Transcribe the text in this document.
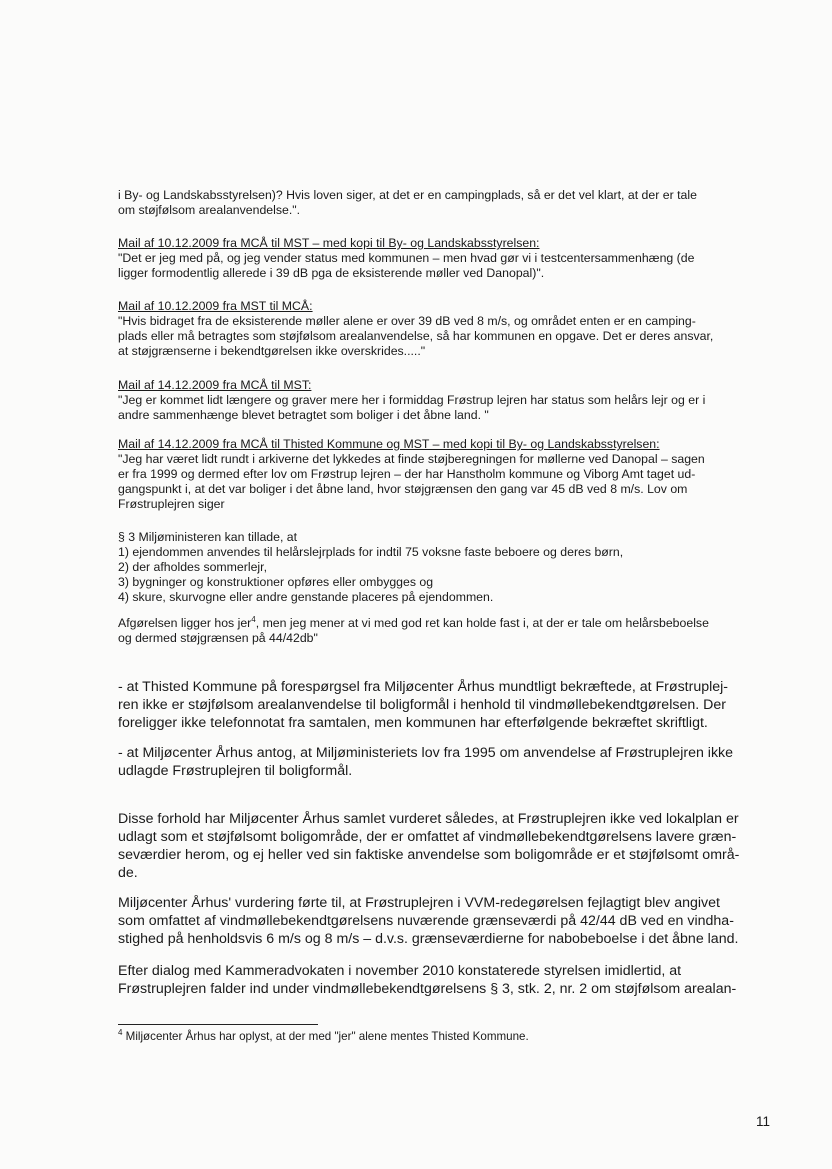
i By- og Landskabsstyrelsen)? Hvis loven siger, at det er en campingplads, så er det vel klart, at der er tale

om støjfølsom arealanvendelse.".

Mail af 10.12.2009 fra MCÅ til MST – med kopi til By- og Landskabsstyrelsen:

"Det er jeg med på, og jeg vender status med kommunen – men hvad gør vi i testcentersammenhæng (de

ligger formodentlig allerede i 39 dB pga de eksisterende møller ved Danopal)".

Mail af 10.12.2009 fra MST til MCÅ:

"Hvis bidraget fra de eksisterende møller alene er over 39 dB ved 8 m/s, og området enten er en camping-

plads eller må betragtes som støjfølsom arealanvendelse, så har kommunen en opgave. Det er deres ansvar,

at støjgrænserne i bekendtgørelsen ikke overskrides....."

Mail af 14.12.2009 fra MCÅ til MST:

"Jeg er kommet lidt længere og graver mere her i formiddag Frøstrup lejren har status som helårs lejr og er i

andre sammenhænge blevet betragtet som boliger i det åbne land. "

Mail af 14.12.2009 fra MCÅ til Thisted Kommune og MST – med kopi til By- og Landskabsstyrelsen:

"Jeg har været lidt rundt i arkiverne det lykkedes at finde støjberegningen for møllerne ved Danopal – sagen

er fra 1999 og dermed efter lov om Frøstrup lejren – der har Hanstholm kommune og Viborg Amt taget ud-

gangspunkt i, at det var boliger i det åbne land, hvor støjgrænsen den gang var 45 dB ved 8 m/s. Lov om

Frøstruplejren siger

§ 3 Miljøministeren kan tillade, at

1) ejendommen anvendes til helårslejrplads for indtil 75 voksne faste beboere og deres børn,

2) der afholdes sommerlejr,

3) bygninger og konstruktioner opføres eller ombygges og

4) skure, skurvogne eller andre genstande placeres på ejendommen.

Afgørelsen ligger hos jer$^4$, men jeg mener at vi med god ret kan holde fast i, at der er tale om helårsbeboelse

og dermed støjgrænsen på 44/42db"

- at Thisted Kommune på forespørgsel fra Miljøcenter Århus mundtligt bekræftede, at Frøstruplej-

ren ikke er støjfølsom arealanvendelse til boligformål i henhold til vindmøllebekendtgørelsen. Der

foreligger ikke telefonnotat fra samtalen, men kommunen har efterfølgende bekræftet skriftligt.

- at Miljøcenter Århus antog, at Miljøministeriets lov fra 1995 om anvendelse af Frøstruplejren ikke

udlagde Frøstruplejren til boligformål.

Disse forhold har Miljøcenter Århus samlet vurderet således, at Frøstruplejren ikke ved lokalplan er

udlagt som et støjfølsomt boligområde, der er omfattet af vindmøllebekendtgørelsens lavere græn-

seværdier herom, og ej heller ved sin faktiske anvendelse som boligområde er et støjfølsomt områ-

de.

Miljøcenter Århus' vurdering førte til, at Frøstruplejren i VVM-redegørelsen fejlagtigt blev angivet

som omfattet af vindmøllebekendtgørelsens nuværende grænseværdi på 42/44 dB ved en vindha-

stighed på henholdsvis 6 m/s og 8 m/s – d.v.s. grænseværdierne for nabobeboelse i det åbne land.

Efter dialog med Kammeradvokaten i november 2010 konstaterede styrelsen imidlertid, at

Frøstruplejren falder ind under vindmøllebekendtgørelsens § 3, stk. 2, nr. 2 om støjfølsom arealan-

$^4$ Miljøcenter Århus har oplyst, at der med "jer" alene mentes Thisted Kommune.
11
